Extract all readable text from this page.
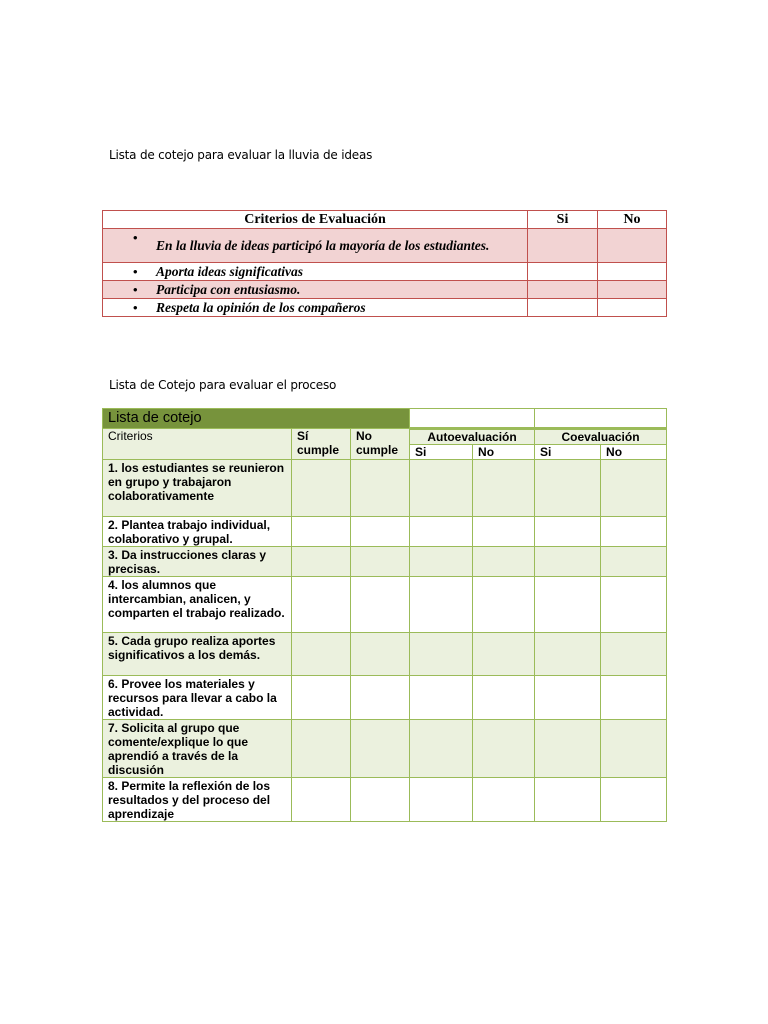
Lista de cotejo para evaluar la lluvia de ideas

Criterios de Evaluación	Si	No

•
En la lluvia de ideas participó la mayoría de los estudiantes.		

• Aporta ideas significativas		

• Participa con entusiasmo.		

• Respeta la opinión de los compañeros		

Lista de Cotejo para evaluar el proceso

Lista de cotejo						
Criterios	Sí cumple	No cumple	Autoevaluación		Coevaluación	
			Si	No	Si	No
1. los estudiantes se reunieron en grupo y trabajaron colaborativamente						
2. Plantea trabajo individual, colaborativo y grupal.						
3. Da instrucciones claras y precisas.						
4. los alumnos que intercambian, analicen, y comparten el trabajo realizado.						
5. Cada grupo realiza aportes significativos a los demás.						
6. Provee los materiales y recursos para llevar a cabo la actividad.						
7. Solicita al grupo que comente/explique lo que aprendió a través de la discusión						
8. Permite la reflexión de los resultados y del proceso del aprendizaje						
